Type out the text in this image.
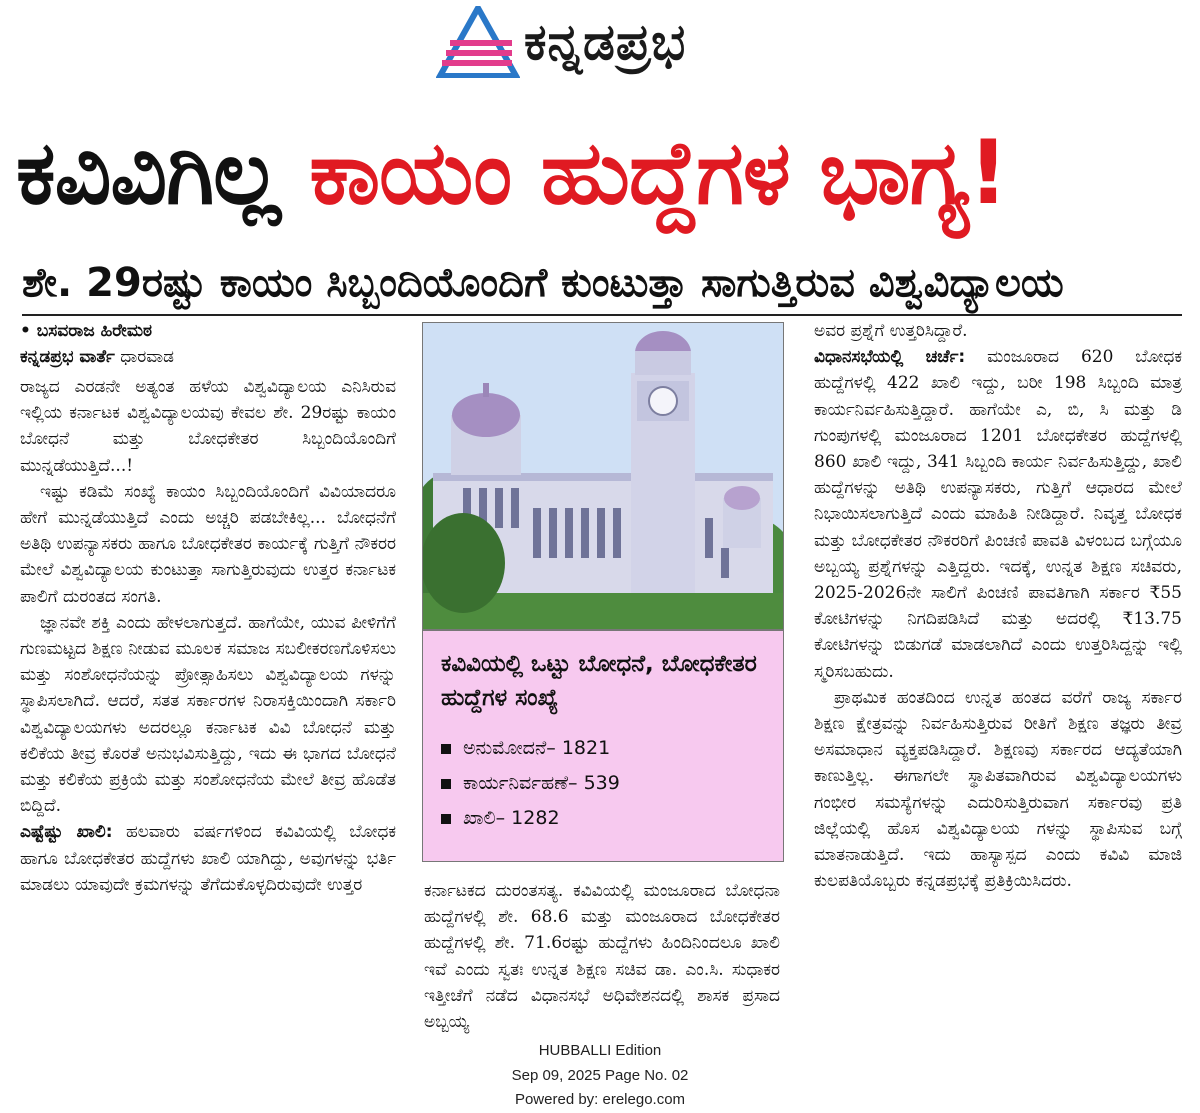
ಕನ್ನಡಪ್ರಭ
ಕವಿವಿಗಿಲ್ಲ ಕಾಯಂ ಹುದ್ದೆಗಳ ಭಾಗ್ಯ!
ಶೇ. 29ರಷ್ಟು ಕಾಯಂ ಸಿಬ್ಬಂದಿಯೊಂದಿಗೆ ಕುಂಟುತ್ತಾ ಸಾಗುತ್ತಿರುವ ವಿಶ್ವವಿದ್ಯಾಲಯ
• ಬಸವರಾಜ ಹಿರೇಮಠ
ಕನ್ನಡಪ್ರಭ ವಾರ್ತೆ ಧಾರವಾಡ

ರಾಜ್ಯದ ಎರಡನೇ ಅತ್ಯಂತ ಹಳೆಯ ವಿಶ್ವವಿದ್ಯಾಲಯ ಎನಿಸಿರುವ ಇಲ್ಲಿಯ ಕರ್ನಾಟಕ ವಿಶ್ವವಿದ್ಯಾಲಯವು ಕೇವಲ ಶೇ. 29ರಷ್ಟು ಕಾಯಂ ಬೋಧನೆ ಮತ್ತು ಬೋಧಕೇತರ ಸಿಬ್ಬಂದಿಯೊಂದಿಗೆ ಮುನ್ನಡೆಯುತ್ತಿದೆ...!

ಇಷ್ಟು ಕಡಿಮೆ ಸಂಖ್ಯೆ ಕಾಯಂ ಸಿಬ್ಬಂದಿಯೊಂದಿಗೆ ವಿವಿಯಾದರೂ ಹೇಗೆ ಮುನ್ನಡೆಯುತ್ತಿದೆ ಎಂದು ಅಚ್ಚರಿ ಪಡಬೇಕಿಲ್ಲ... ಬೋಧನೆಗೆ ಅತಿಥಿ ಉಪನ್ಯಾಸಕರು ಹಾಗೂ ಬೋಧಕೇತರ ಕಾರ್ಯಕ್ಕೆ ಗುತ್ತಿಗೆ ನೌಕರರ ಮೇಲೆ ವಿಶ್ವವಿದ್ಯಾಲಯ ಕುಂಟುತ್ತಾ ಸಾಗುತ್ತಿರುವುದು ಉತ್ತರ ಕರ್ನಾಟಕ ಪಾಲಿಗೆ ದುರಂತದ ಸಂಗತಿ.

ಜ್ಞಾನವೇ ಶಕ್ತಿ ಎಂದು ಹೇಳಲಾಗುತ್ತದೆ. ಹಾಗೆಯೇ, ಯುವ ಪೀಳಿಗೆಗೆ ಗುಣಮಟ್ಟದ ಶಿಕ್ಷಣ ನೀಡುವ ಮೂಲಕ ಸಮಾಜ ಸಬಲೀಕರಣಗೊಳಿಸಲು ಮತ್ತು ಸಂಶೋಧನೆಯನ್ನು ಪ್ರೋತ್ಸಾಹಿಸಲು ವಿಶ್ವವಿದ್ಯಾಲಯ ಗಳನ್ನು ಸ್ಥಾಪಿಸಲಾಗಿದೆ. ಆದರೆ, ಸತತ ಸರ್ಕಾರಗಳ ನಿರಾಸಕ್ತಿಯಿಂದಾಗಿ ಸರ್ಕಾರಿ ವಿಶ್ವವಿದ್ಯಾಲಯಗಳು ಅದರಲ್ಲೂ ಕರ್ನಾಟಕ ವಿವಿ ಬೋಧನೆ ಮತ್ತು ಕಲಿಕೆಯ ತೀವ್ರ ಕೊರತೆ ಅನುಭವಿಸುತ್ತಿದ್ದು, ಇದು ಈ ಭಾಗದ ಬೋಧನೆ ಮತ್ತು ಕಲಿಕೆಯ ಪ್ರಕ್ರಿಯೆ ಮತ್ತು ಸಂಶೋಧನೆಯ ಮೇಲೆ ತೀವ್ರ ಹೊಡೆತ ಬಿದ್ದಿದೆ.

ಎಷ್ಟೆಷ್ಟು ಖಾಲಿ: ಹಲವಾರು ವರ್ಷಗಳಿಂದ ಕವಿವಿಯಲ್ಲಿ ಬೋಧಕ ಹಾಗೂ ಬೋಧಕೇತರ ಹುದ್ದೆಗಳು ಖಾಲಿ ಯಾಗಿದ್ದು, ಅವುಗಳನ್ನು ಭರ್ತಿ ಮಾಡಲು ಯಾವುದೇ ಕ್ರಮಗಳನ್ನು ತೆಗೆದುಕೊಳ್ಳದಿರುವುದೇ ಉತ್ತರ

ಕವಿವಿಯಲ್ಲಿ ಒಟ್ಟು ಬೋಧನೆ, ಬೋಧಕೇತರ ಹುದ್ದೆಗಳ ಸಂಖ್ಯೆ
ಅನುಮೋದನೆ– 1821
ಕಾರ್ಯನಿರ್ವಹಣೆ– 539
ಖಾಲಿ– 1282

ಕರ್ನಾಟಕದ ದುರಂತಸತ್ಯ. ಕವಿವಿಯಲ್ಲಿ ಮಂಜೂರಾದ ಬೋಧನಾ ಹುದ್ದೆಗಳಲ್ಲಿ ಶೇ. 68.6 ಮತ್ತು ಮಂಜೂರಾದ ಬೋಧಕೇತರ ಹುದ್ದೆಗಳಲ್ಲಿ ಶೇ. 71.6ರಷ್ಟು ಹುದ್ದೆಗಳು ಹಿಂದಿನಿಂದಲೂ ಖಾಲಿ ಇವೆ ಎಂದು ಸ್ವತಃ ಉನ್ನತ ಶಿಕ್ಷಣ ಸಚಿವ ಡಾ. ಎಂ.ಸಿ. ಸುಧಾಕರ ಇತ್ತೀಚೆಗೆ ನಡೆದ ವಿಧಾನಸಭೆ ಅಧಿವೇಶನದಲ್ಲಿ ಶಾಸಕ ಪ್ರಸಾದ ಅಬ್ಬಯ್ಯ

ಅವರ ಪ್ರಶ್ನೆಗೆ ಉತ್ತರಿಸಿದ್ದಾರೆ.

ವಿಧಾನಸಭೆಯಲ್ಲಿ ಚರ್ಚೆ: ಮಂಜೂರಾದ 620 ಬೋಧಕ ಹುದ್ದೆಗಳಲ್ಲಿ 422 ಖಾಲಿ ಇದ್ದು, ಬರೀ 198 ಸಿಬ್ಬಂದಿ ಮಾತ್ರ ಕಾರ್ಯನಿರ್ವಹಿಸುತ್ತಿದ್ದಾರೆ. ಹಾಗೆಯೇ ಎ, ಬಿ, ಸಿ ಮತ್ತು ಡಿ ಗುಂಪುಗಳಲ್ಲಿ ಮಂಜೂರಾದ 1201 ಬೋಧಕೇತರ ಹುದ್ದೆಗಳಲ್ಲಿ 860 ಖಾಲಿ ಇದ್ದು, 341 ಸಿಬ್ಬಂದಿ ಕಾರ್ಯ ನಿರ್ವಹಿಸುತ್ತಿದ್ದು, ಖಾಲಿ ಹುದ್ದೆಗಳನ್ನು ಅತಿಥಿ ಉಪನ್ಯಾಸಕರು, ಗುತ್ತಿಗೆ ಆಧಾರದ ಮೇಲೆ ನಿಭಾಯಿಸಲಾಗುತ್ತಿದೆ ಎಂದು ಮಾಹಿತಿ ನೀಡಿದ್ದಾರೆ. ನಿವೃತ್ತ ಬೋಧಕ ಮತ್ತು ಬೋಧಕೇತರ ನೌಕರರಿಗೆ ಪಿಂಚಣಿ ಪಾವತಿ ವಿಳಂಬದ ಬಗ್ಗೆಯೂ ಅಬ್ಬಯ್ಯ ಪ್ರಶ್ನೆಗಳನ್ನು ಎತ್ತಿದ್ದರು. ಇದಕ್ಕೆ, ಉನ್ನತ ಶಿಕ್ಷಣ ಸಚಿವರು, 2025-2026ನೇ ಸಾಲಿಗೆ ಪಿಂಚಣಿ ಪಾವತಿಗಾಗಿ ಸರ್ಕಾರ ₹55 ಕೋಟಿಗಳನ್ನು ನಿಗದಿಪಡಿಸಿದೆ ಮತ್ತು ಅದರಲ್ಲಿ ₹13.75 ಕೋಟಿಗಳನ್ನು ಬಿಡುಗಡೆ ಮಾಡಲಾಗಿದೆ ಎಂದು ಉತ್ತರಿಸಿದ್ದನ್ನು ಇಲ್ಲಿ ಸ್ಮರಿಸಬಹುದು.

ಪ್ರಾಥಮಿಕ ಹಂತದಿಂದ ಉನ್ನತ ಹಂತದ ವರೆಗೆ ರಾಜ್ಯ ಸರ್ಕಾರ ಶಿಕ್ಷಣ ಕ್ಷೇತ್ರವನ್ನು ನಿರ್ವಹಿಸುತ್ತಿರುವ ರೀತಿಗೆ ಶಿಕ್ಷಣ ತಜ್ಞರು ತೀವ್ರ ಅಸಮಾಧಾನ ವ್ಯಕ್ತಪಡಿಸಿದ್ದಾರೆ. ಶಿಕ್ಷಣವು ಸರ್ಕಾರದ ಆದ್ಯತೆಯಾಗಿ ಕಾಣುತ್ತಿಲ್ಲ. ಈಗಾಗಲೇ ಸ್ಥಾಪಿತವಾಗಿರುವ ವಿಶ್ವವಿದ್ಯಾಲಯಗಳು ಗಂಭೀರ ಸಮಸ್ಯೆಗಳನ್ನು ಎದುರಿಸುತ್ತಿರುವಾಗ ಸರ್ಕಾರವು ಪ್ರತಿ ಜಿಲ್ಲೆಯಲ್ಲಿ ಹೊಸ ವಿಶ್ವವಿದ್ಯಾಲಯ ಗಳನ್ನು ಸ್ಥಾಪಿಸುವ ಬಗ್ಗೆ ಮಾತನಾಡುತ್ತಿದೆ. ಇದು ಹಾಸ್ಯಾಸ್ಪದ ಎಂದು ಕವಿವಿ ಮಾಜಿ ಕುಲಪತಿಯೊಬ್ಬರು ಕನ್ನಡಪ್ರಭಕ್ಕೆ ಪ್ರತಿಕ್ರಿಯಿಸಿದರು.

HUBBALLI Edition
Sep 09, 2025 Page No. 02
Powered by: erelego.com
